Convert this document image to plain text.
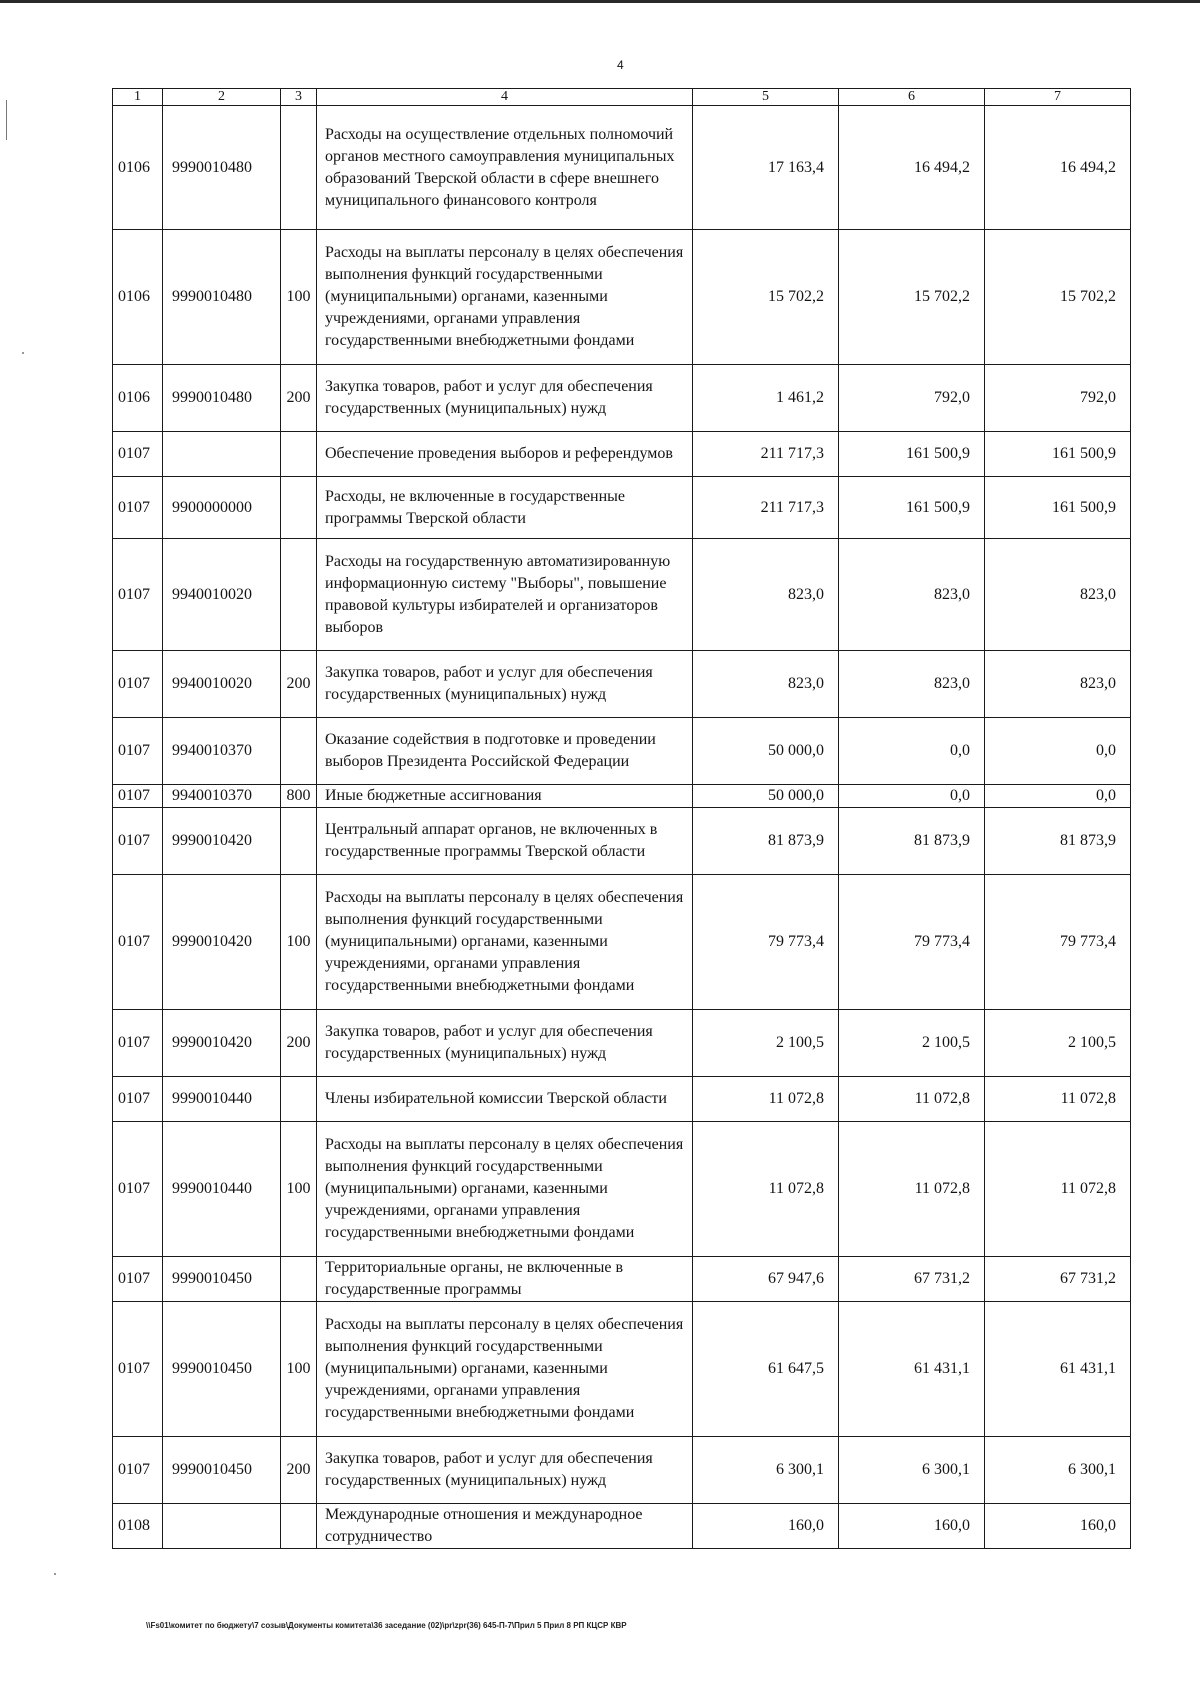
4
1	2	3	4	5	6	7
0106	9990010480		Расходы на осуществление отдельных полномочий органов местного самоуправления муниципальных образований Тверской области в сфере внешнего муниципального финансового контроля	17 163,4	16 494,2	16 494,2
0106	9990010480	100	Расходы на выплаты персоналу в целях обеспечения выполнения функций государственными (муниципальными) органами, казенными учреждениями, органами управления государственными внебюджетными фондами	15 702,2	15 702,2	15 702,2
0106	9990010480	200	Закупка товаров, работ и услуг для обеспечения государственных (муниципальных) нужд	1 461,2	792,0	792,0
0107			Обеспечение проведения выборов и референдумов	211 717,3	161 500,9	161 500,9
0107	9900000000		Расходы, не включенные в государственные программы Тверской области	211 717,3	161 500,9	161 500,9
0107	9940010020		Расходы на государственную автоматизированную информационную систему "Выборы", повышение правовой культуры избирателей и организаторов выборов	823,0	823,0	823,0
0107	9940010020	200	Закупка товаров, работ и услуг для обеспечения государственных (муниципальных) нужд	823,0	823,0	823,0
0107	9940010370		Оказание содействия в подготовке и проведении выборов Президента Российской Федерации	50 000,0	0,0	0,0
0107	9940010370	800	Иные бюджетные ассигнования	50 000,0	0,0	0,0
0107	9990010420		Центральный аппарат органов, не включенных в государственные программы Тверской области	81 873,9	81 873,9	81 873,9
0107	9990010420	100	Расходы на выплаты персоналу в целях обеспечения выполнения функций государственными (муниципальными) органами, казенными учреждениями, органами управления государственными внебюджетными фондами	79 773,4	79 773,4	79 773,4
0107	9990010420	200	Закупка товаров, работ и услуг для обеспечения государственных (муниципальных) нужд	2 100,5	2 100,5	2 100,5
0107	9990010440		Члены избирательной комиссии Тверской области	11 072,8	11 072,8	11 072,8
0107	9990010440	100	Расходы на выплаты персоналу в целях обеспечения выполнения функций государственными (муниципальными) органами, казенными учреждениями, органами управления государственными внебюджетными фондами	11 072,8	11 072,8	11 072,8
0107	9990010450		Территориальные органы, не включенные в государственные программы	67 947,6	67 731,2	67 731,2
0107	9990010450	100	Расходы на выплаты персоналу в целях обеспечения выполнения функций государственными (муниципальными) органами, казенными учреждениями, органами управления государственными внебюджетными фондами	61 647,5	61 431,1	61 431,1
0107	9990010450	200	Закупка товаров, работ и услуг для обеспечения государственных (муниципальных) нужд	6 300,1	6 300,1	6 300,1
0108			Международные отношения и международное сотрудничество	160,0	160,0	160,0
\\Fs01\комитет по бюджету\7 созыв\Документы комитета\36 заседание (02)\pr\zpr(36) 645-П-7\Прил 5 Прил 8 РП КЦСР КВР
